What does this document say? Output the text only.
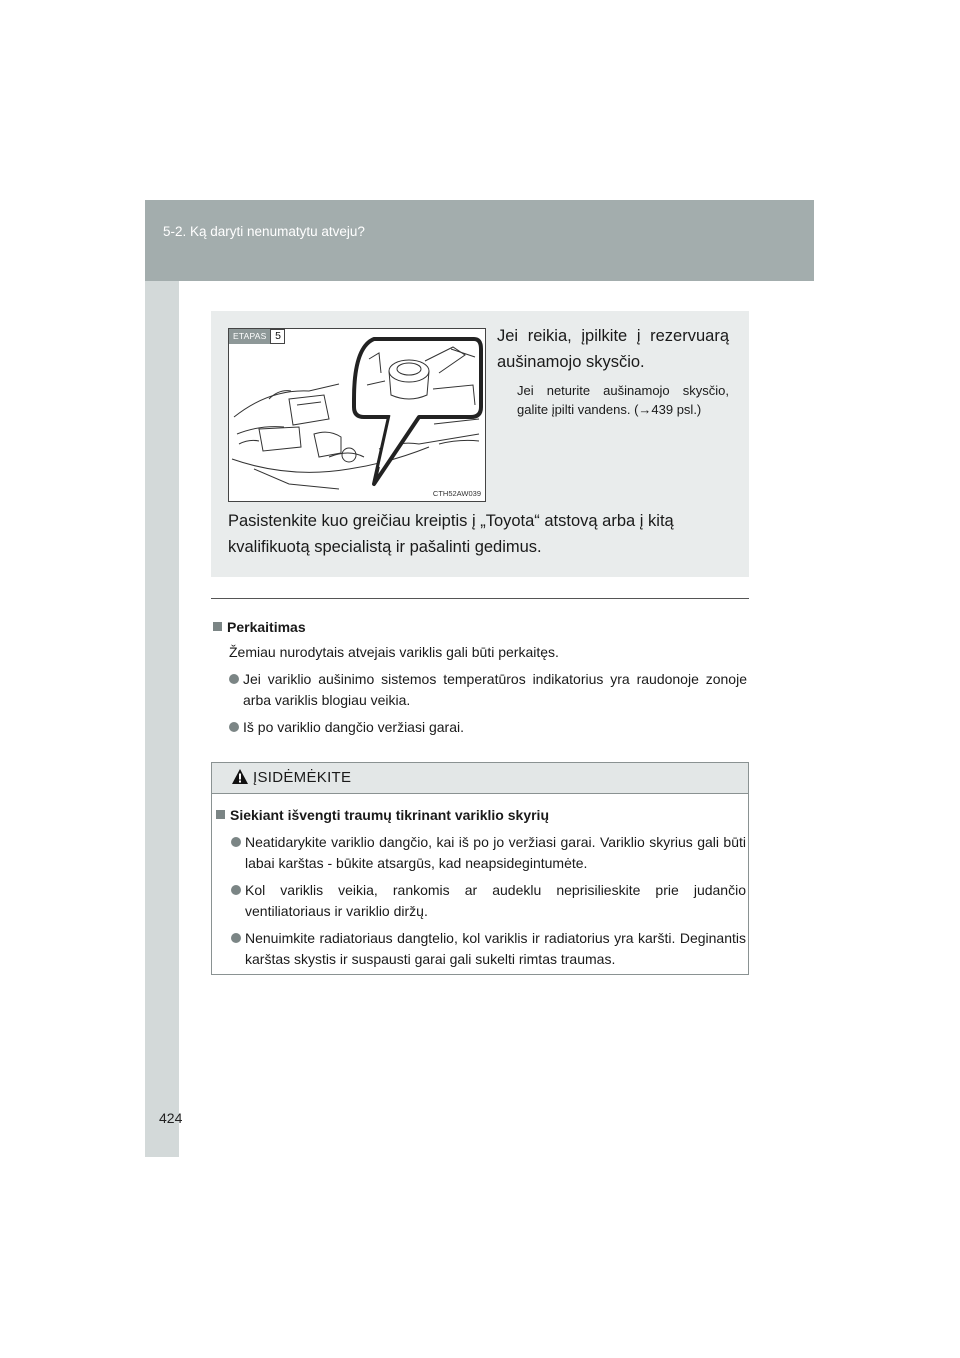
5-2. Ką daryti nenumatytu atveju?
ETAPAS 5
CTH52AW039
Jei reikia, įpilkite į rezervuarą aušinamojo skysčio.
Jei neturite aušinamojo skysčio, galite įpilti vandens. (→439 psl.)
Pasistenkite kuo greičiau kreiptis į „Toyota“ atstovą arba į kitą kvalifikuotą specialistą ir pašalinti gedimus.
Perkaitimas
Žemiau nurodytais atvejais variklis gali būti perkaitęs.
Jei variklio aušinimo sistemos temperatūros indikatorius yra raudonoje zonoje arba variklis blogiau veikia.
Iš po variklio dangčio veržiasi garai.
ĮSIDĖMĖKITE
Siekiant išvengti traumų tikrinant variklio skyrių
Neatidarykite variklio dangčio, kai iš po jo veržiasi garai. Variklio skyrius gali būti labai karštas - būkite atsargūs, kad neapsidegintumėte.
Kol variklis veikia, rankomis ar audeklu neprisilieskite prie judančio ventiliatoriaus ir variklio diržų.
Nenuimkite radiatoriaus dangtelio, kol variklis ir radiatorius yra karšti. Deginantis karštas skystis ir suspausti garai gali sukelti rimtas traumas.
424
